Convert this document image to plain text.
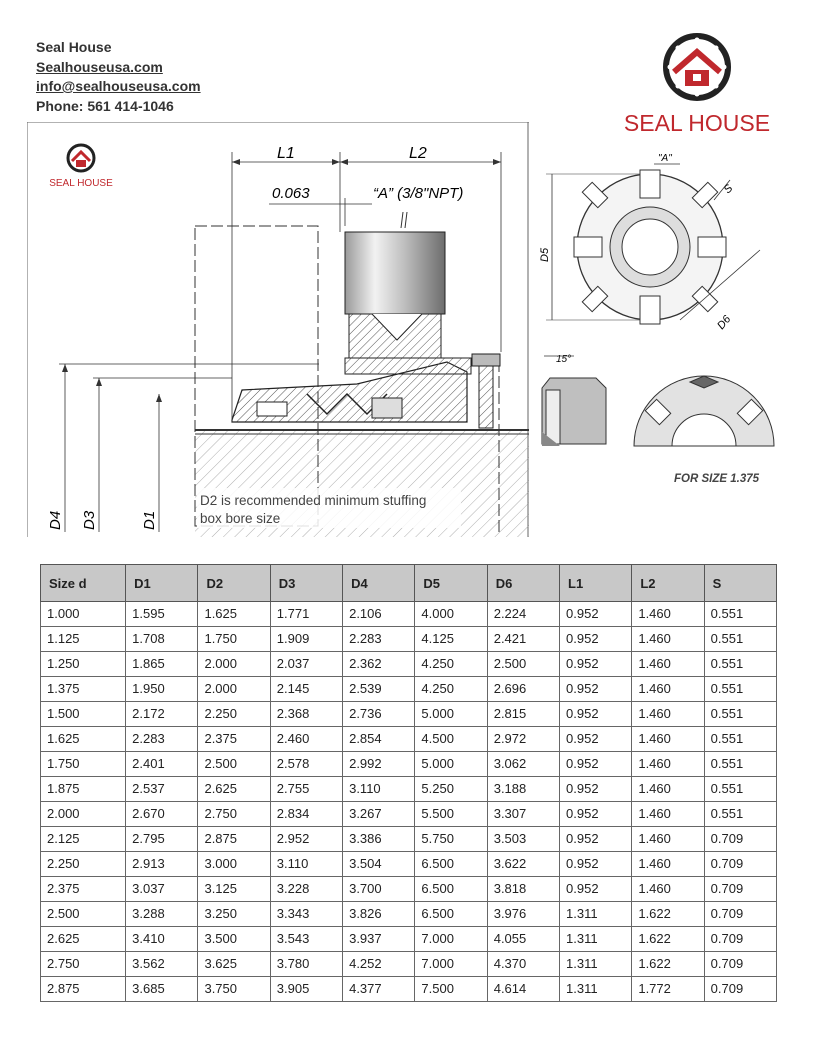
Seal House
Sealhouseusa.com
info@sealhouseusa.com
Phone: 561 414-1046
SEAL HOUSE
SEAL HOUSE
L1	L2
0.063	“A” (3/8"NPT)
D4 D3	D1
D2 is recommended minimum stuffing
box bore size
D5
D6
S
"A"
15°
FOR SIZE 1.375
Size d	D1	D2	D3	D4	D5	D6	L1	L2	S
1.000	1.595	1.625	1.771	2.106	4.000	2.224	0.952	1.460	0.551
1.125	1.708	1.750	1.909	2.283	4.125	2.421	0.952	1.460	0.551
1.250	1.865	2.000	2.037	2.362	4.250	2.500	0.952	1.460	0.551
1.375	1.950	2.000	2.145	2.539	4.250	2.696	0.952	1.460	0.551
1.500	2.172	2.250	2.368	2.736	5.000	2.815	0.952	1.460	0.551
1.625	2.283	2.375	2.460	2.854	4.500	2.972	0.952	1.460	0.551
1.750	2.401	2.500	2.578	2.992	5.000	3.062	0.952	1.460	0.551
1.875	2.537	2.625	2.755	3.110	5.250	3.188	0.952	1.460	0.551
2.000	2.670	2.750	2.834	3.267	5.500	3.307	0.952	1.460	0.551
2.125	2.795	2.875	2.952	3.386	5.750	3.503	0.952	1.460	0.709
2.250	2.913	3.000	3.110	3.504	6.500	3.622	0.952	1.460	0.709
2.375	3.037	3.125	3.228	3.700	6.500	3.818	0.952	1.460	0.709
2.500	3.288	3.250	3.343	3.826	6.500	3.976	1.311	1.622	0.709
2.625	3.410	3.500	3.543	3.937	7.000	4.055	1.311	1.622	0.709
2.750	3.562	3.625	3.780	4.252	7.000	4.370	1.311	1.622	0.709
2.875	3.685	3.750	3.905	4.377	7.500	4.614	1.311	1.772	0.709
